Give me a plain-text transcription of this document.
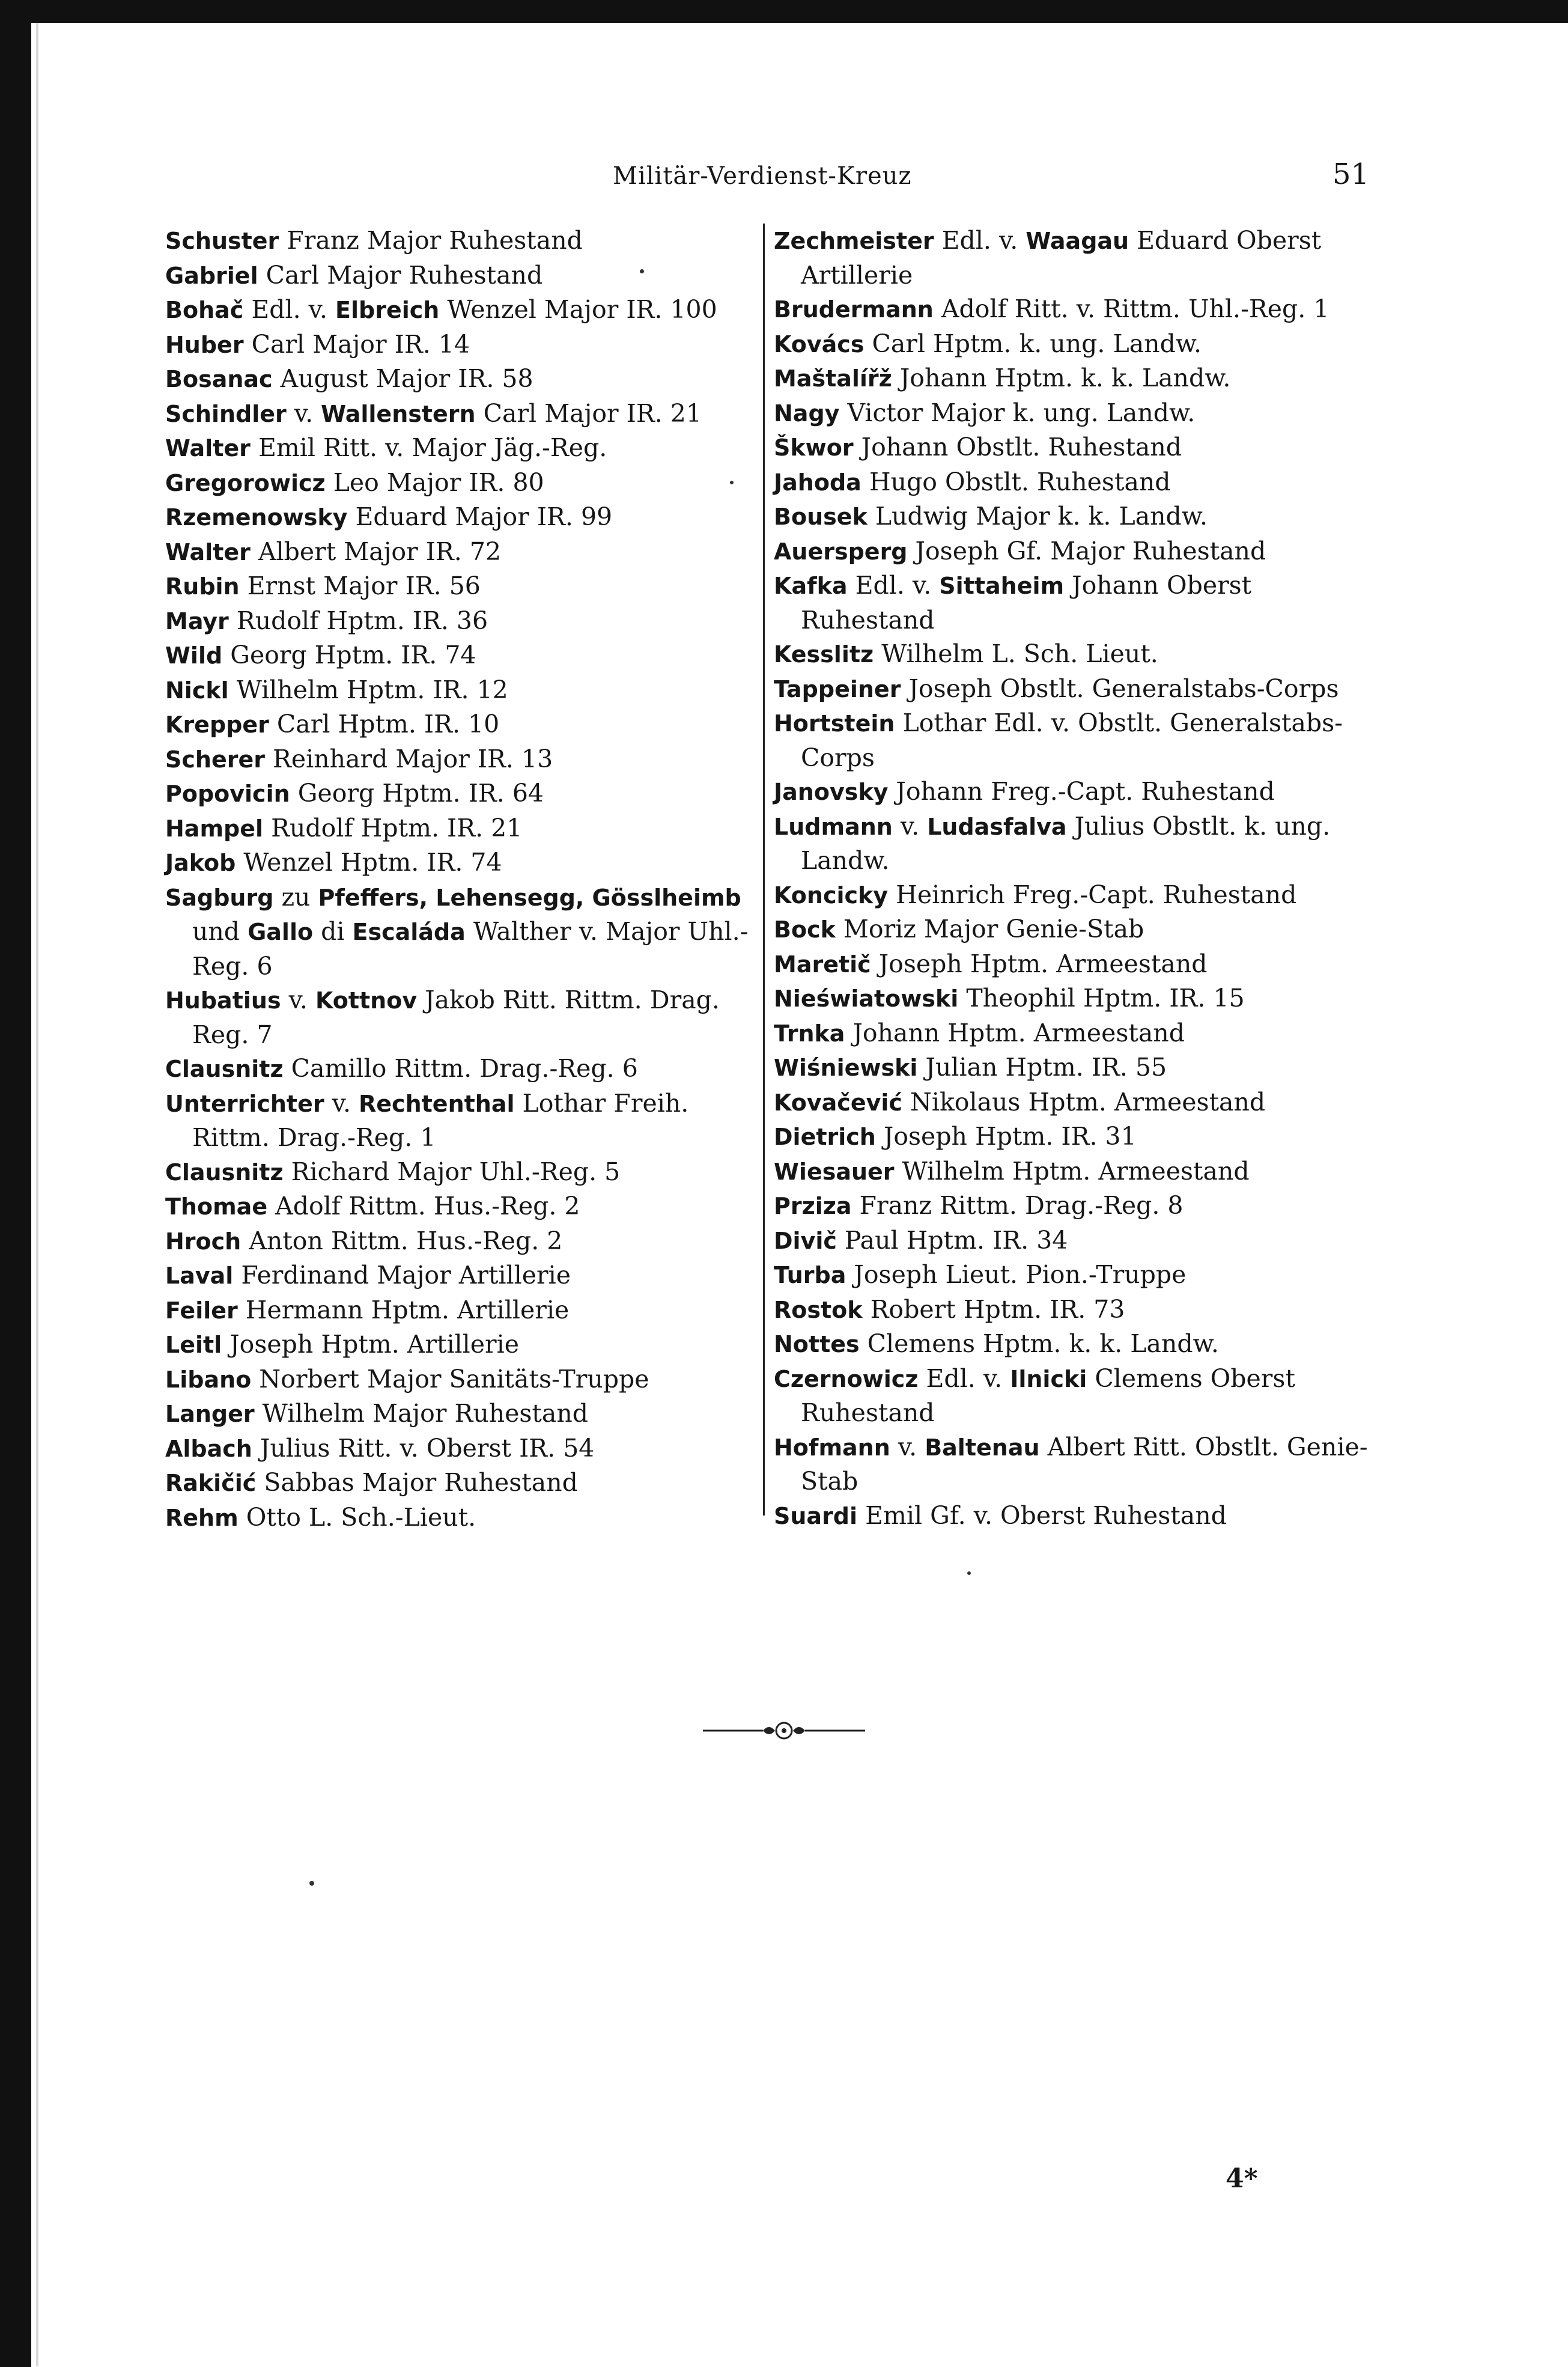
Militär-Verdienst-Kreuz	51
Schuster Franz Major Ruhestand
Gabriel Carl Major Ruhestand
Bohač Edl. v. Elbreich Wenzel Major IR. 100
Huber Carl Major IR. 14
Bosanac August Major IR. 58
Schindler v. Wallenstern Carl Major IR. 21
Walter Emil Ritt. v. Major Jäg.-Reg.
Gregorowicz Leo Major IR. 80
Rzemenowsky Eduard Major IR. 99
Walter Albert Major IR. 72
Rubin Ernst Major IR. 56
Mayr Rudolf Hptm. IR. 36
Wild Georg Hptm. IR. 74
Nickl Wilhelm Hptm. IR. 12
Krepper Carl Hptm. IR. 10
Scherer Reinhard Major IR. 13
Popovicin Georg Hptm. IR. 64
Hampel Rudolf Hptm. IR. 21
Jakob Wenzel Hptm. IR. 74
Sagburg zu Pfeffers, Lehensegg, Gösslheimb und Gallo di Escaláda Walther v. Major Uhl.-Reg. 6
Hubatius v. Kottnov Jakob Ritt. Rittm. Drag. Reg. 7
Clausnitz Camillo Rittm. Drag.-Reg. 6
Unterrichter v. Rechtenthal Lothar Freih. Rittm. Drag.-Reg. 1
Clausnitz Richard Major Uhl.-Reg. 5
Thomae Adolf Rittm. Hus.-Reg. 2
Hroch Anton Rittm. Hus.-Reg. 2
Laval Ferdinand Major Artillerie
Feiler Hermann Hptm. Artillerie
Leitl Joseph Hptm. Artillerie
Libano Norbert Major Sanitäts-Truppe
Langer Wilhelm Major Ruhestand
Albach Julius Ritt. v. Oberst IR. 54
Rakičić Sabbas Major Ruhestand
Rehm Otto L. Sch.-Lieut.
Zechmeister Edl. v. Waagau Eduard Oberst Artillerie
Brudermann Adolf Ritt. v. Rittm. Uhl.-Reg. 1
Kovács Carl Hptm. k. ung. Landw.
Maštalířž Johann Hptm. k. k. Landw.
Nagy Victor Major k. ung. Landw.
Škwor Johann Obstlt. Ruhestand
Jahoda Hugo Obstlt. Ruhestand
Bousek Ludwig Major k. k. Landw.
Auersperg Joseph Gf. Major Ruhestand
Kafka Edl. v. Sittaheim Johann Oberst Ruhestand
Kesslitz Wilhelm L. Sch. Lieut.
Tappeiner Joseph Obstlt. Generalstabs-Corps
Hortstein Lothar Edl. v. Obstlt. Generalstabs-Corps
Janovsky Johann Freg.-Capt. Ruhestand
Ludmann v. Ludasfalva Julius Obstlt. k. ung. Landw.
Konciсky Heinrich Freg.-Capt. Ruhestand
Bock Moriz Major Genie-Stab
Maretič Joseph Hptm. Armeestand
Nieświatowski Theophil Hptm. IR. 15
Trnka Johann Hptm. Armeestand
Wiśniewski Julian Hptm. IR. 55
Kovačević Nikolaus Hptm. Armeestand
Dietrich Joseph Hptm. IR. 31
Wiesauer Wilhelm Hptm. Armeestand
Prziza Franz Rittm. Drag.-Reg. 8
Divič Paul Hptm. IR. 34
Turba Joseph Lieut. Pion.-Truppe
Rostok Robert Hptm. IR. 73
Nottes Clemens Hptm. k. k. Landw.
Czernowicz Edl. v. Ilnicki Clemens Oberst Ruhestand
Hofmann v. Baltenau Albert Ritt. Obstlt. Genie-Stab
Suardi Emil Gf. v. Oberst Ruhestand
4*
